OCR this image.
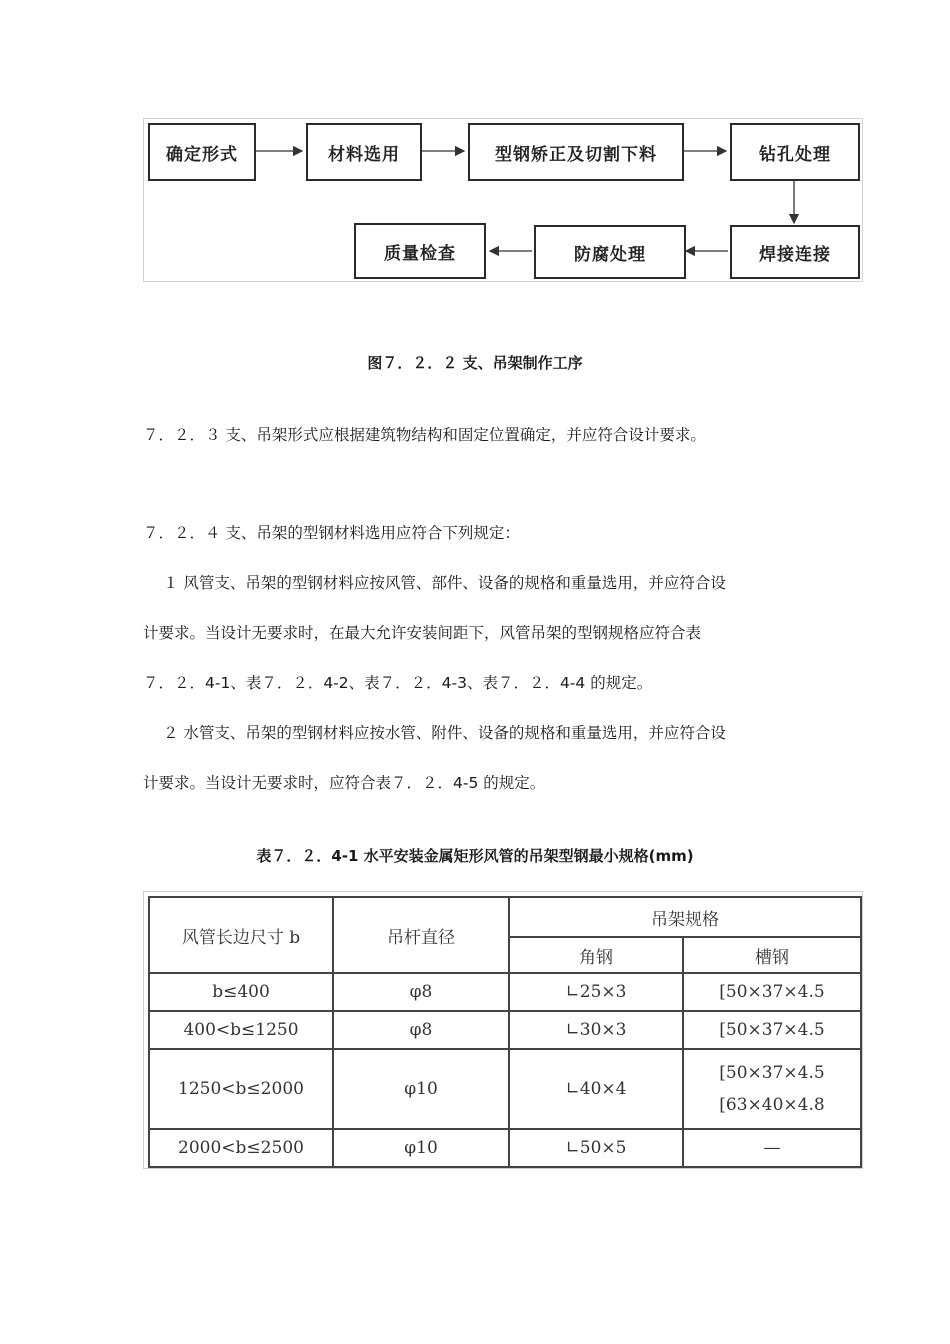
确定形式	材料选用	型钢矫正及切割下料	钻孔处理
焊接连接
防腐处理
质量检查
图７．２．２ 支、吊架制作工序
７．２．３ 支、吊架形式应根据建筑物结构和固定位置确定，并应符合设计要求。
７．２．４ 支、吊架的型钢材料选用应符合下列规定：
１ 风管支、吊架的型钢材料应按风管、部件、设备的规格和重量选用，并应符合设
计要求。当设计无要求时，在最大允许安装间距下，风管吊架的型钢规格应符合表
７．２．4-1、表７．２．4-2、表７．２．4-3、表７．２．4-4 的规定。
２ 水管支、吊架的型钢材料应按水管、附件、设备的规格和重量选用，并应符合设
计要求。当设计无要求时，应符合表７．２．4-5 的规定。
表７．２．4-1 水平安装金属矩形风管的吊架型钢最小规格(mm)
风管长边尺寸 b	吊杆直径	吊架规格	
		角钢	槽钢
b≤400	φ8	∟25×3	[50×37×4.5
400<b≤1250	φ8	∟30×3	[50×37×4.5
1250<b≤2000	φ10	∟40×4	[50×37×4.5
[63×40×4.8

2000<b≤2500	φ10	∟50×5	—
